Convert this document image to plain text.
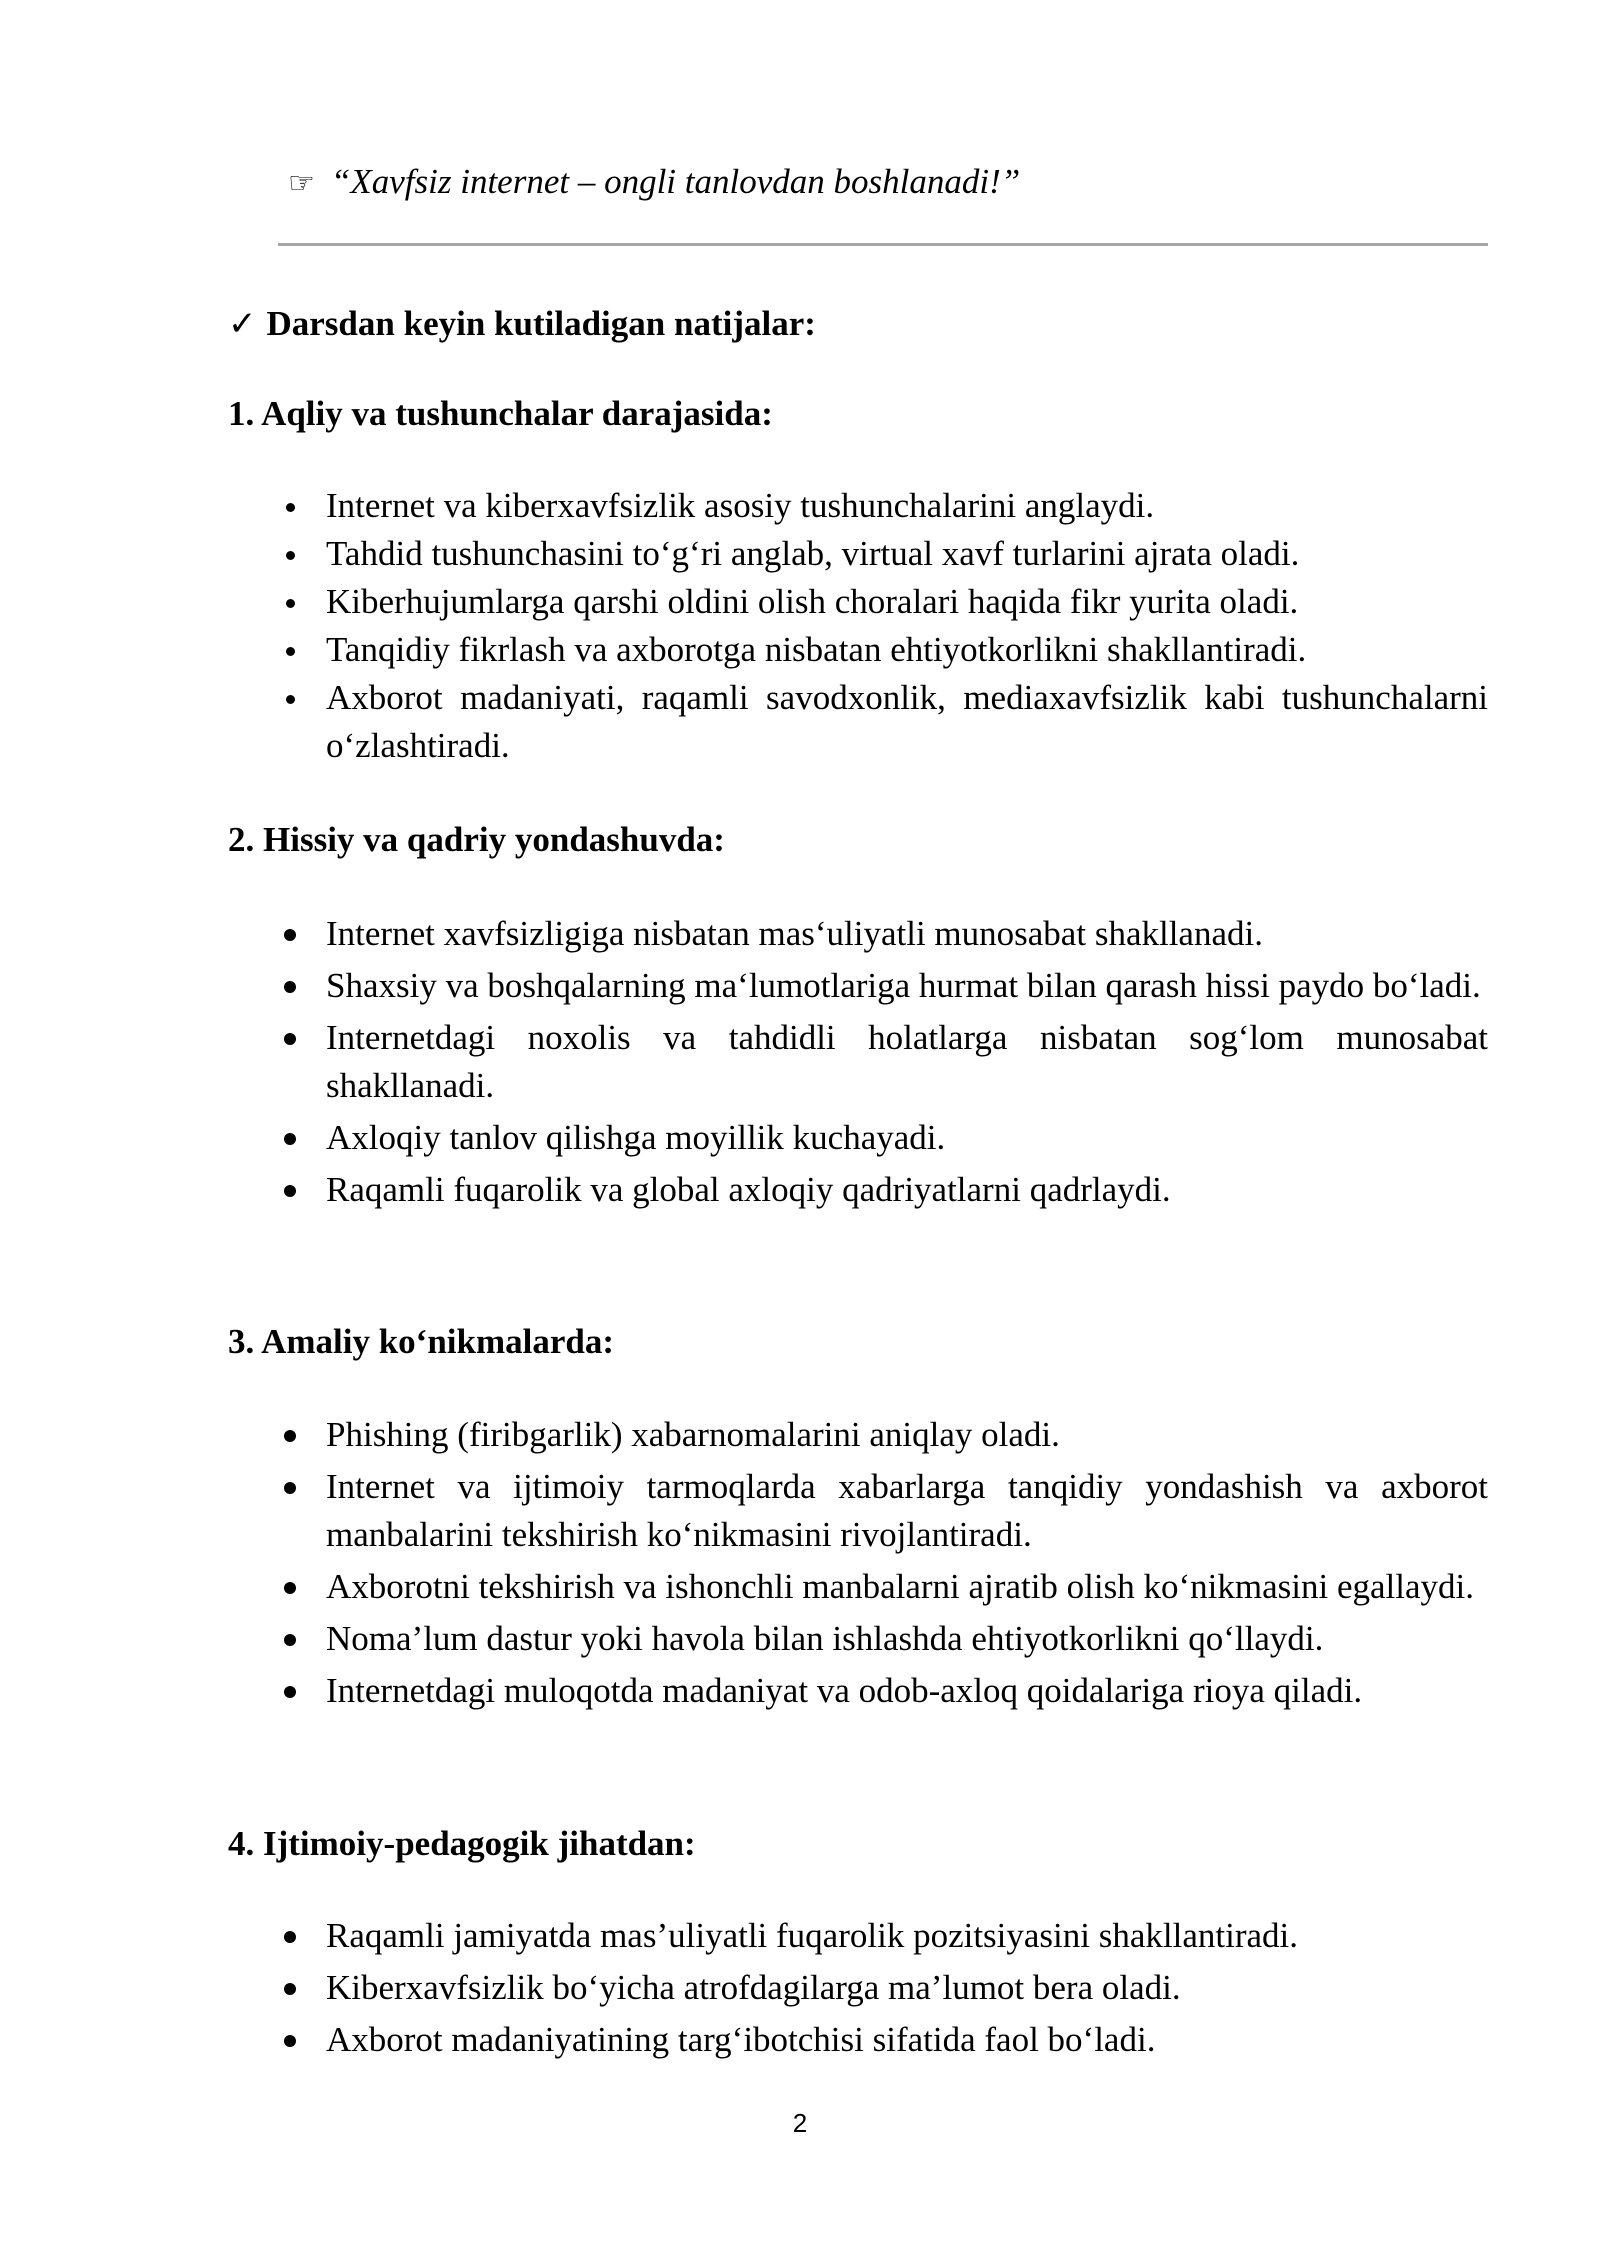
☞ “Xavfsiz internet – ongli tanlovdan boshlanadi!”
✓ Darsdan keyin kutiladigan natijalar:
1. Aqliy va tushunchalar darajasida:
Internet va kiberxavfsizlik asosiy tushunchalarini anglaydi.
Tahdid tushunchasini to‘g‘ri anglab, virtual xavf turlarini ajrata oladi.
Kiberhujumlarga qarshi oldini olish choralari haqida fikr yurita oladi.
Tanqidiy fikrlash va axborotga nisbatan ehtiyotkorlikni shakllantiradi.
Axborot madaniyati, raqamli savodxonlik, mediaxavfsizlik kabi tushunchalarni o‘zlashtiradi.
2. Hissiy va qadriy yondashuvda:
Internet xavfsizligiga nisbatan mas‘uliyatli munosabat shakllanadi.
Shaxsiy va boshqalarning ma‘lumotlariga hurmat bilan qarash hissi paydo bo‘ladi.
Internetdagi noxolis va tahdidli holatlarga nisbatan sog‘lom munosabat shakllanadi.
Axloqiy tanlov qilishga moyillik kuchayadi.
Raqamli fuqarolik va global axloqiy qadriyatlarni qadrlaydi.
3. Amaliy ko‘nikmalarda:
Phishing (firibgarlik) xabarnomalarini aniqlay oladi.
Internet va ijtimoiy tarmoqlarda xabarlarga tanqidiy yondashish va axborot manbalarini tekshirish ko‘nikmasini rivojlantiradi.
Axborotni tekshirish va ishonchli manbalarni ajratib olish ko‘nikmasini egallaydi.
Noma’lum dastur yoki havola bilan ishlashda ehtiyotkorlikni qo‘llaydi.
Internetdagi muloqotda madaniyat va odob-axloq qoidalariga rioya qiladi.
4. Ijtimoiy-pedagogik jihatdan:
Raqamli jamiyatda mas’uliyatli fuqarolik pozitsiyasini shakllantiradi.
Kiberxavfsizlik bo‘yicha atrofdagilarga ma’lumot bera oladi.
Axborot madaniyatining targ‘ibotchisi sifatida faol bo‘ladi.
2
